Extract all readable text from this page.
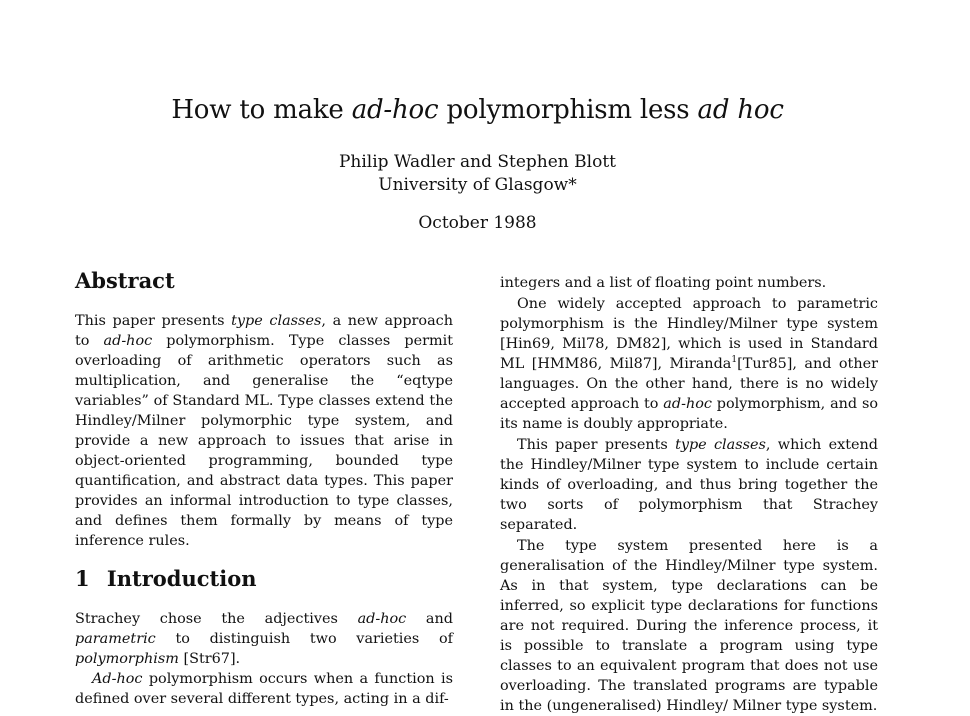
How to make ad-hoc polymorphism less ad hoc
Philip Wadler and Stephen Blott
University of Glasgow*
October 1988
Abstract

This paper presents type classes, a new approach to ad-hoc polymorphism. Type classes permit overloading of arithmetic operators such as multiplication, and generalise the “eqtype variables” of Standard ML. Type classes extend the Hindley/Milner polymorphic type system, and provide a new approach to issues that arise in object-oriented programming, bounded type quantification, and abstract data types. This paper provides an informal introduction to type classes, and defines them formally by means of type inference rules.

1 Introduction

Strachey chose the adjectives ad-hoc and parametric to distinguish two varieties of polymorphism [Str67].

Ad-hoc polymorphism occurs when a function is defined over several different types, acting in a dif-

integers and a list of floating point numbers.

One widely accepted approach to parametric polymorphism is the Hindley/Milner type system [Hin69, Mil78, DM82], which is used in Standard ML [HMM86, Mil87], Miranda$^1$[Tur85], and other languages. On the other hand, there is no widely accepted approach to ad-hoc polymorphism, and so its name is doubly appropriate.

This paper presents type classes, which extend the Hindley/Milner type system to include certain kinds of overloading, and thus bring together the two sorts of polymorphism that Strachey separated.

The type system presented here is a generalisation of the Hindley/Milner type system. As in that system, type declarations can be inferred, so explicit type declarations for functions are not required. During the inference process, it is possible to translate a program using type classes to an equivalent program that does not use overloading. The translated programs are typable in the (ungeneralised) Hindley/ Milner type system.
